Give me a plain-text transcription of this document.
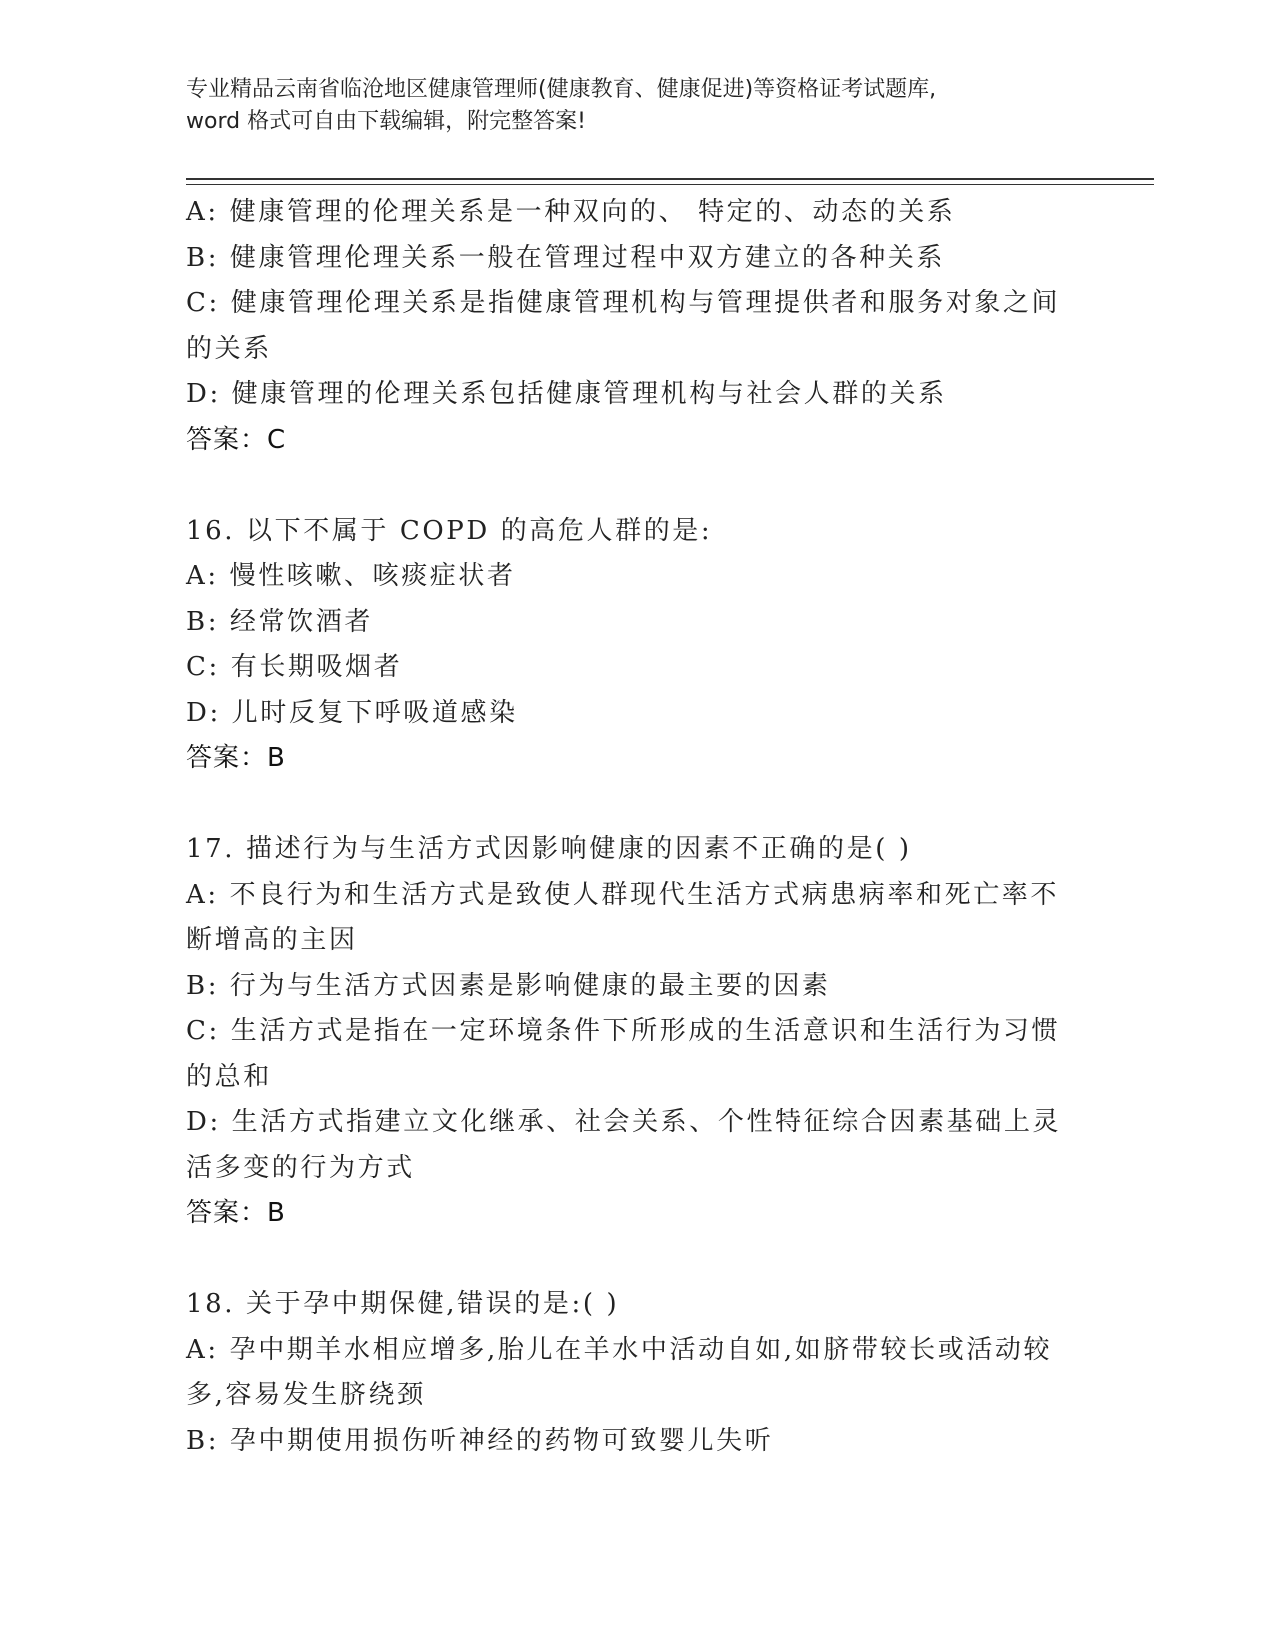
专业精品云南省临沧地区健康管理师(健康教育、健康促进)等资格证考试题库,
word 格式可自由下载编辑，附完整答案!
A: 健康管理的伦理关系是一种双向的、 特定的、动态的关系
B: 健康管理伦理关系一般在管理过程中双方建立的各种关系
C: 健康管理伦理关系是指健康管理机构与管理提供者和服务对象之间
的关系
D: 健康管理的伦理关系包括健康管理机构与社会人群的关系
答案：C
16. 以下不属于 COPD 的高危人群的是:
A: 慢性咳嗽、咳痰症状者
B: 经常饮酒者
C: 有长期吸烟者
D: 儿时反复下呼吸道感染
答案：B
17. 描述行为与生活方式因影响健康的因素不正确的是( )
A: 不良行为和生活方式是致使人群现代生活方式病患病率和死亡率不
断增高的主因
B: 行为与生活方式因素是影响健康的最主要的因素
C: 生活方式是指在一定环境条件下所形成的生活意识和生活行为习惯
的总和
D: 生活方式指建立文化继承、社会关系、个性特征综合因素基础上灵
活多变的行为方式
答案：B
18. 关于孕中期保健,错误的是:( )
A: 孕中期羊水相应增多,胎儿在羊水中活动自如,如脐带较长或活动较
多,容易发生脐绕颈
B: 孕中期使用损伤听神经的药物可致婴儿失听
